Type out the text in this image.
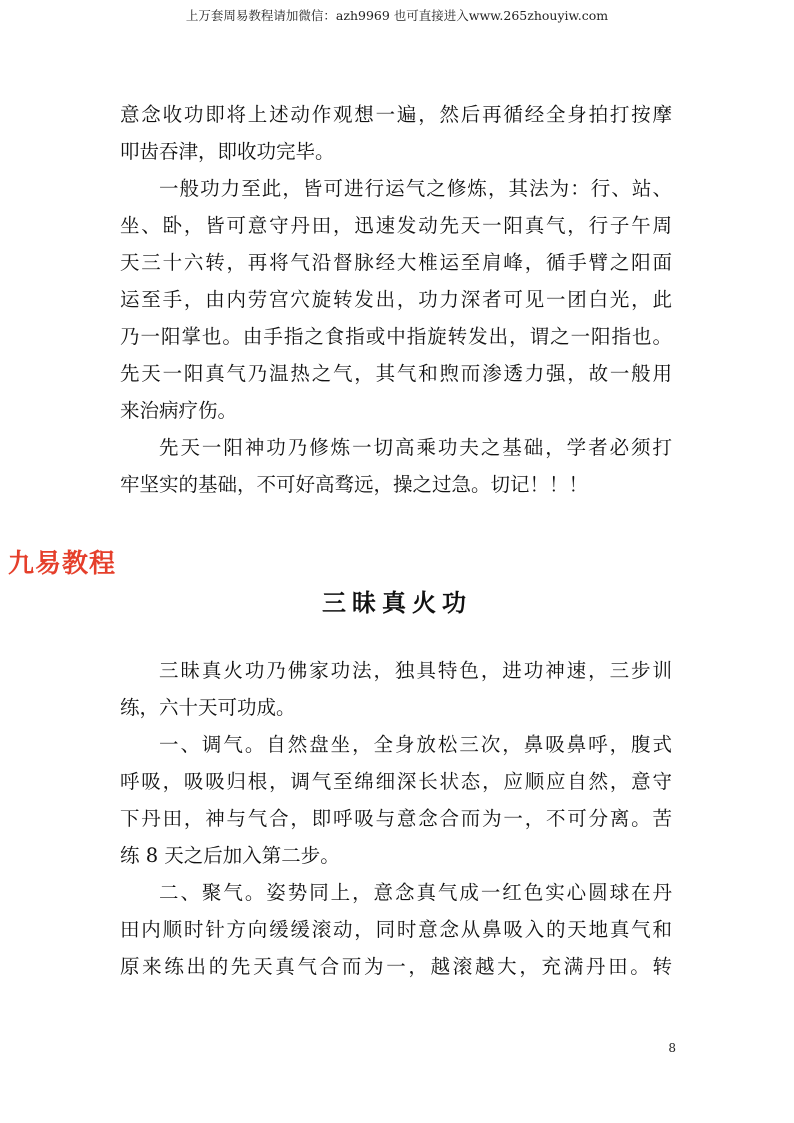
上万套周易教程请加微信：azh9969 也可直接进入www.265zhouyiw.com

意念收功即将上述动作观想一遍，然后再循经全身拍打按摩
叩齿吞津，即收功完毕。

一般功力至此，皆可进行运气之修炼，其法为：行、站、
坐、卧，皆可意守丹田，迅速发动先天一阳真气，行子午周
天三十六转，再将气沿督脉经大椎运至肩峰，循手臂之阳面
运至手，由内劳宫穴旋转发出，功力深者可见一团白光，此
乃一阳掌也。由手指之食指或中指旋转发出，谓之一阳指也。
先天一阳真气乃温热之气，其气和煦而渗透力强，故一般用
来治病疗伤。

先天一阳神功乃修炼一切高乘功夫之基础，学者必须打
牢坚实的基础，不可好高骛远，操之过急。切记！！！

九易教程
三昧真火功

三昧真火功乃佛家功法，独具特色，进功神速，三步训
练，六十天可功成。

一、调气。自然盘坐，全身放松三次，鼻吸鼻呼，腹式
呼吸，吸吸归根，调气至绵细深长状态，应顺应自然，意守
下丹田，神与气合，即呼吸与意念合而为一，不可分离。苦
练 8 天之后加入第二步。

二、聚气。姿势同上，意念真气成一红色实心圆球在丹
田内顺时针方向缓缓滚动，同时意念从鼻吸入的天地真气和
原来练出的先天真气合而为一，越滚越大，充满丹田。转

8
